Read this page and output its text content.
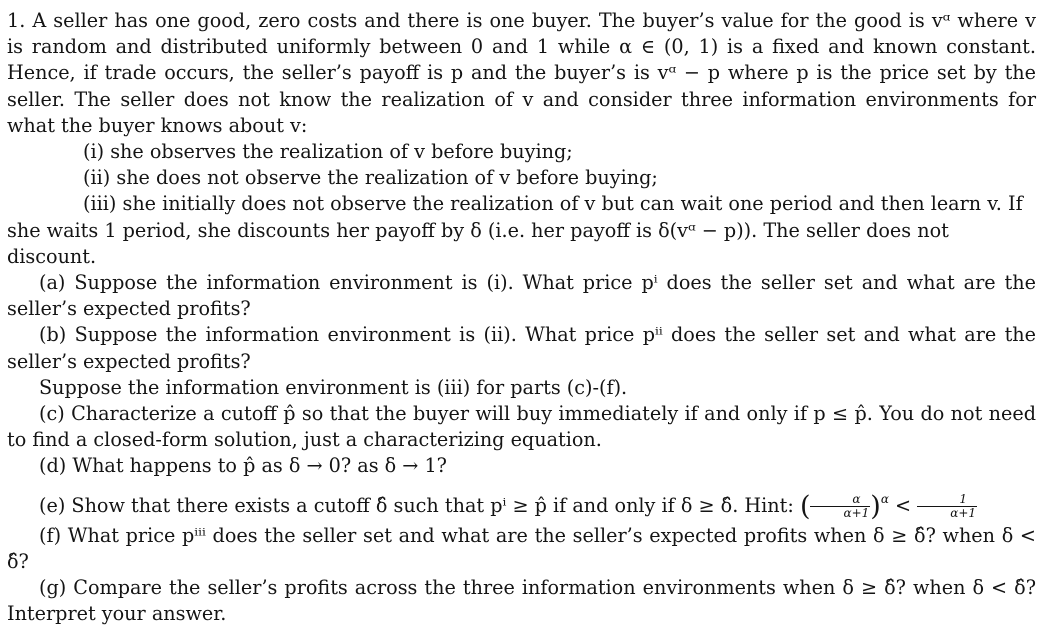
1. A seller has one good, zero costs and there is one buyer. The buyer’s value for the good is vᵅ where v is random and distributed uniformly between 0 and 1 while α ∈ (0, 1) is a fixed and known constant. Hence, if trade occurs, the seller’s payoff is p and the buyer’s is vᵅ − p where p is the price set by the seller. The seller does not know the realization of v and consider three information environments for what the buyer knows about v:

(i) she observes the realization of v before buying;

(ii) she does not observe the realization of v before buying;

(iii) she initially does not observe the realization of v but can wait one period and then learn v. If

she waits 1 period, she discounts her payoff by δ (i.e. her payoff is δ(vᵅ − p)). The seller does not discount.

(a) Suppose the information environment is (i). What price pⁱ does the seller set and what are the seller’s expected profits?

(b) Suppose the information environment is (ii). What price pⁱⁱ does the seller set and what are the seller’s expected profits?

Suppose the information environment is (iii) for parts (c)-(f).

(c) Characterize a cutoff p̂ so that the buyer will buy immediately if and only if p ≤ p̂. You do not need to find a closed-form solution, just a characterizing equation.

(d) What happens to p̂ as δ → 0? as δ → 1?

(e) Show that there exists a cutoff δ̂ such that pⁱ ≥ p̂ if and only if δ ≥ δ̂. Hint: ( $\frac{\alpha}{\alpha+1} )^\alpha < \frac{1}{\alpha+1}$

(f) What price pⁱⁱⁱ does the seller set and what are the seller’s expected profits when δ ≥ δ̂? when δ < δ̂?

(g) Compare the seller’s profits across the three information environments when δ ≥ δ̂? when δ < δ̂? Interpret your answer.
